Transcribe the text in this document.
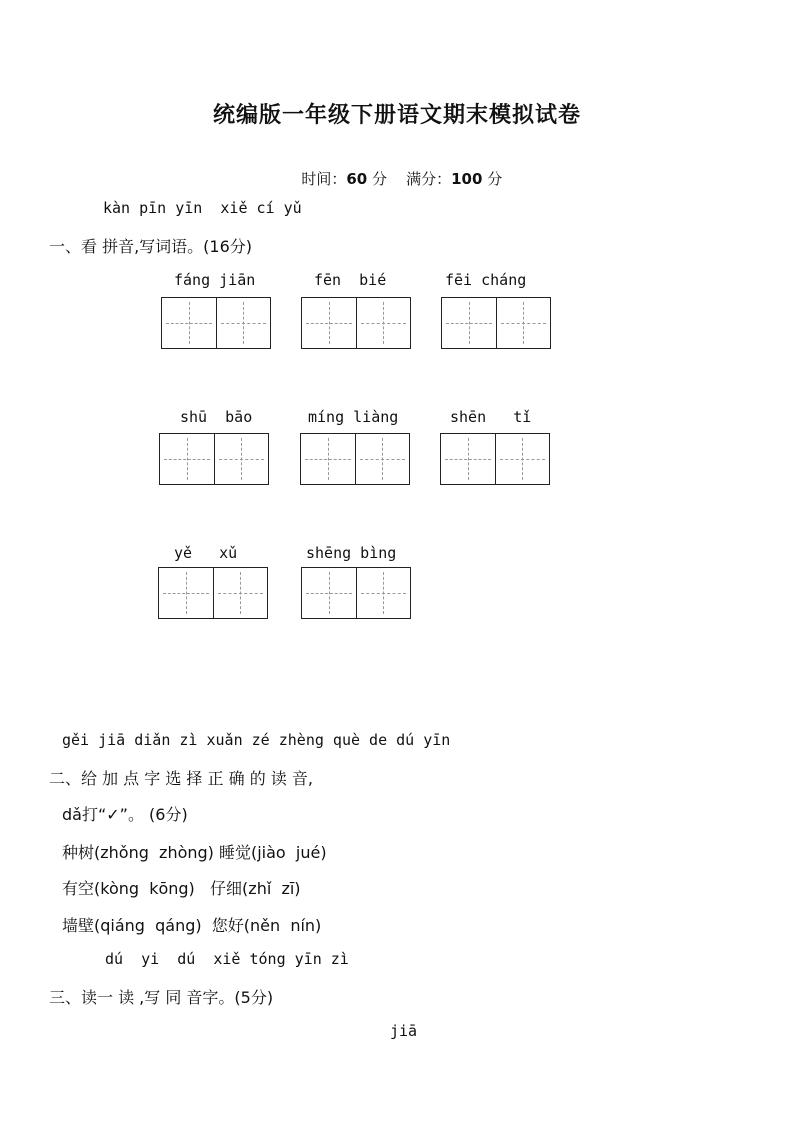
统编版一年级下册语文期末模拟试卷

时间：60 分 满分：100 分

kàn pīn yīn  xiě cí yǔ
一、看 拼音,写词语。(16分)
fáng jiān	fēn  bié	fēi cháng
shū  bāo	míng liàng	shēn   tǐ
yě   xǔ	shēng bìng
gěi jiā diǎn zì xuǎn zé zhèng què de dú yīn
二、给 加 点 字 选 择 正 确 的 读 音,
dǎ打“✓”。 (6分)
种树(zhǒng  zhòng) 睡觉(jiào  jué)
有空(kòng  kōng)   仔细(zhǐ  zī)
墙壁(qiáng  qáng)  您好(něn  nín)
dú  yi  dú  xiě tóng yīn zì
三、读一 读 ,写 同 音字。(5分)
jiā
